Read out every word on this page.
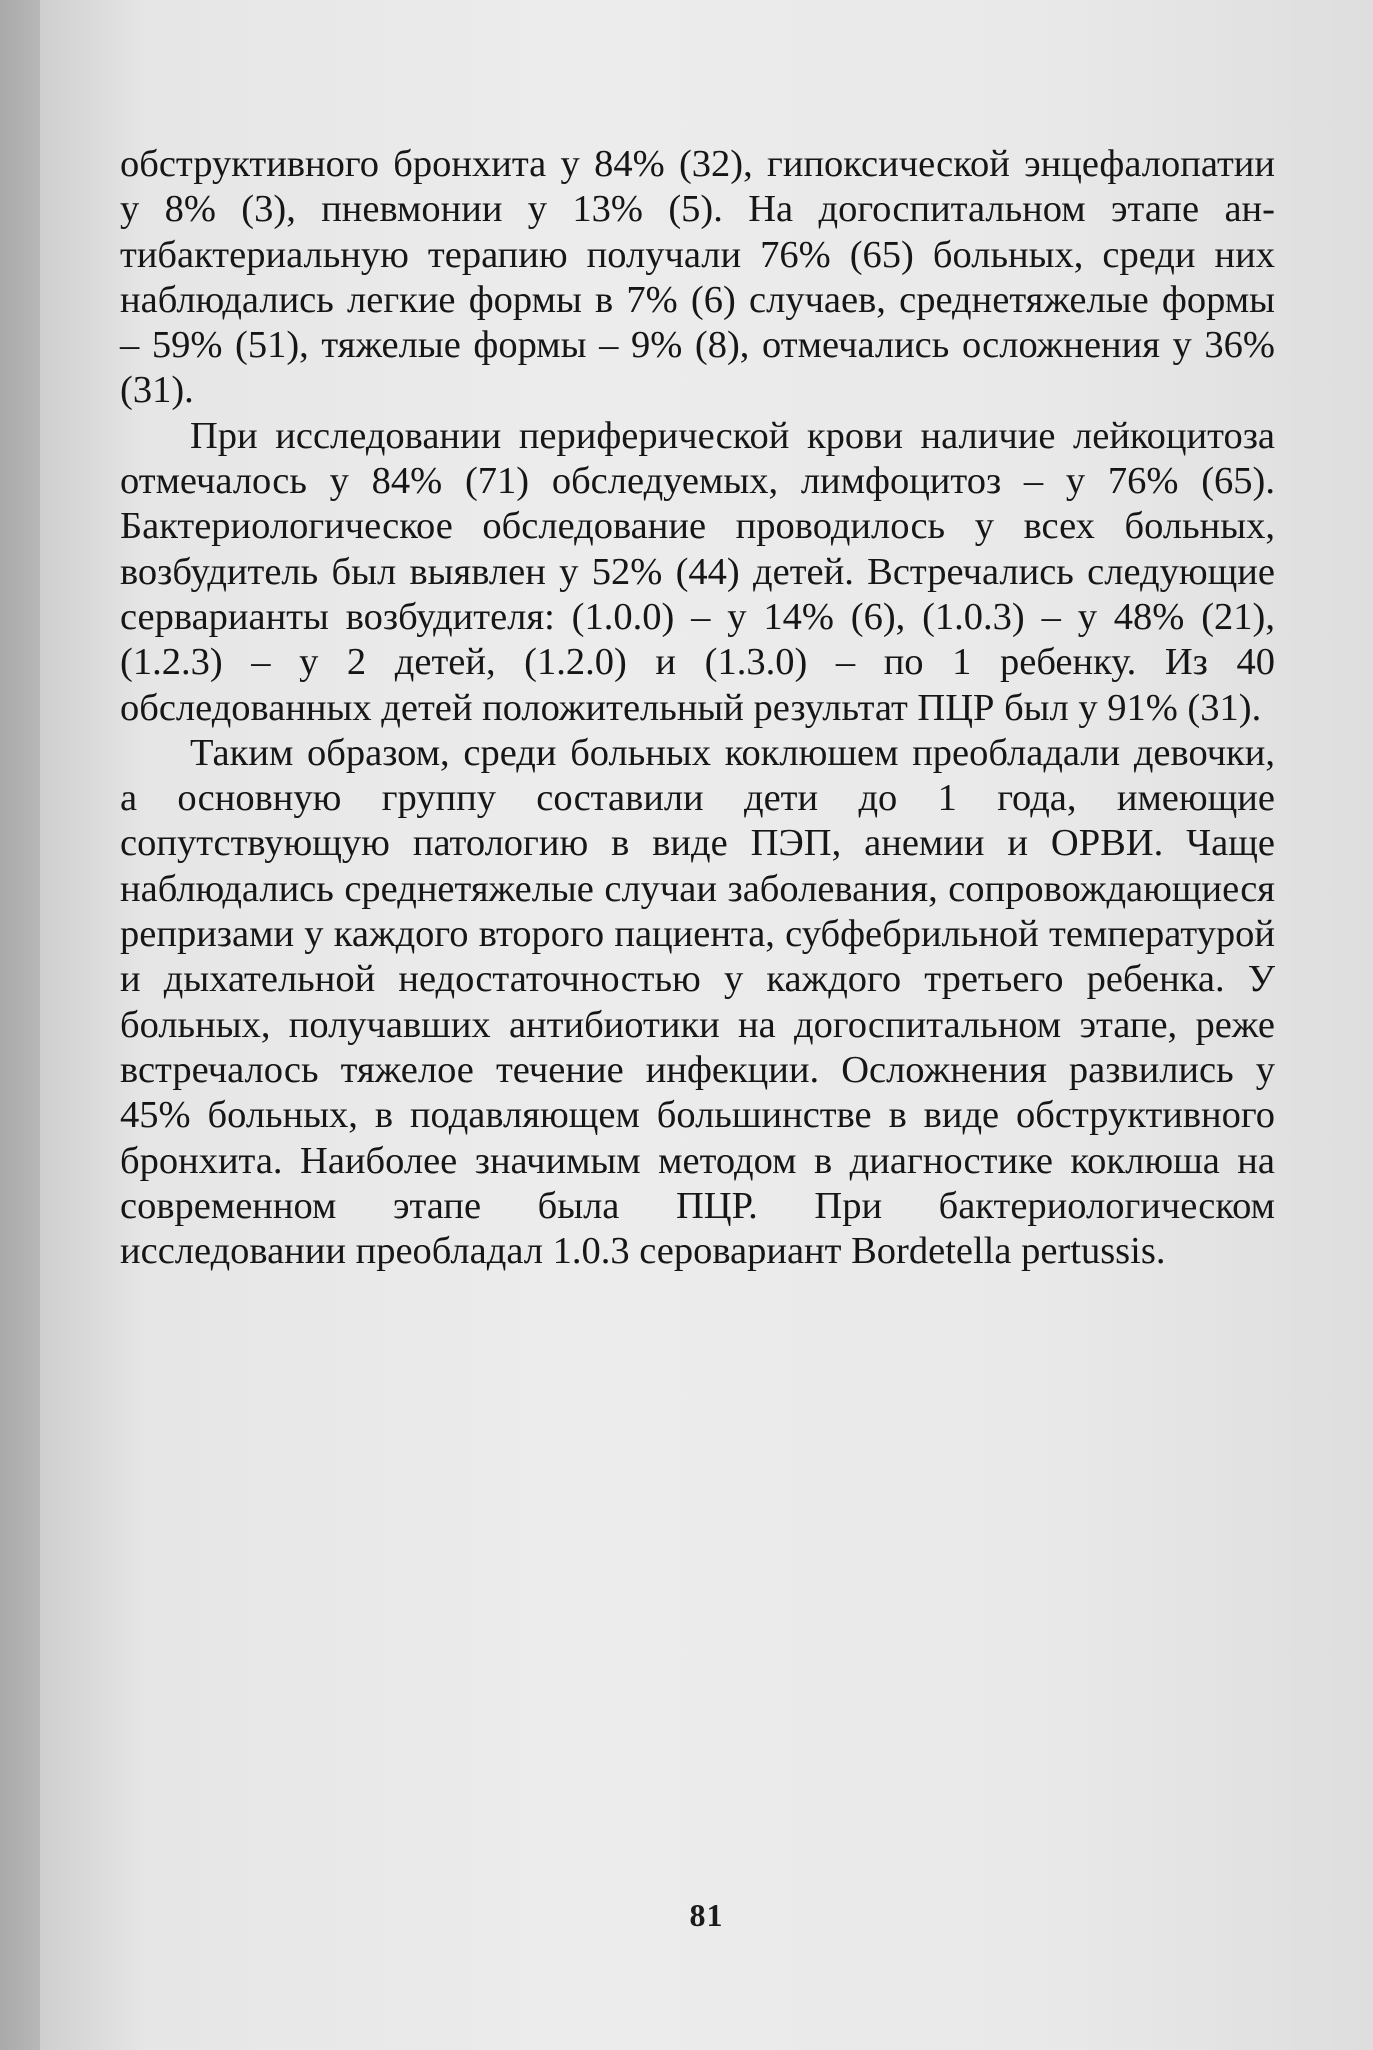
обструктивного бронхита у 84% (32), гипоксической энцефалопатии у 8% (3), пневмонии у 13% (5). На догоспитальном этапе антибактериальную терапию получали 76% (65) больных, среди них наблюдались легкие формы в 7% (6) случаев, среднетяжелые формы – 59% (51), тяжелые формы – 9% (8), отмечались осложнения у 36%(31).

При исследовании периферической крови наличие лейкоцитоза отмечалось у 84% (71) обследуемых, лимфоцитоз – у 76% (65). Бактериологическое обследование проводилось у всех больных, возбудитель был выявлен у 52% (44) детей. Встречались следующие серварианты возбудителя: (1.0.0) – у 14% (6), (1.0.3) – у 48% (21), (1.2.3) – у 2 детей, (1.2.0) и (1.3.0) – по 1 ребенку. Из 40 обследованных детей положительный результат ПЦР был у 91% (31).

Таким образом, среди больных коклюшем преобладали девочки, а основную группу составили дети до 1 года, имеющие сопутствующую патологию в виде ПЭП, анемии и ОРВИ. Чаще наблюдались среднетяжелые случаи заболевания, сопровождающиеся репризами у каждого второго пациента, субфебрильной температурой и дыхательной недостаточностью у каждого третьего ребенка. У больных, получавших антибиотики на догоспитальном этапе, реже встречалось тяжелое течение инфекции. Осложнения развились у 45% больных, в подавляющем большинстве в виде обструктивного бронхита. Наиболее значимым методом в диагностике коклюша на современном этапе была ПЦР. При бактериологическом исследовании преобладал 1.0.3 серовариант Bordetella pertussis.

81
